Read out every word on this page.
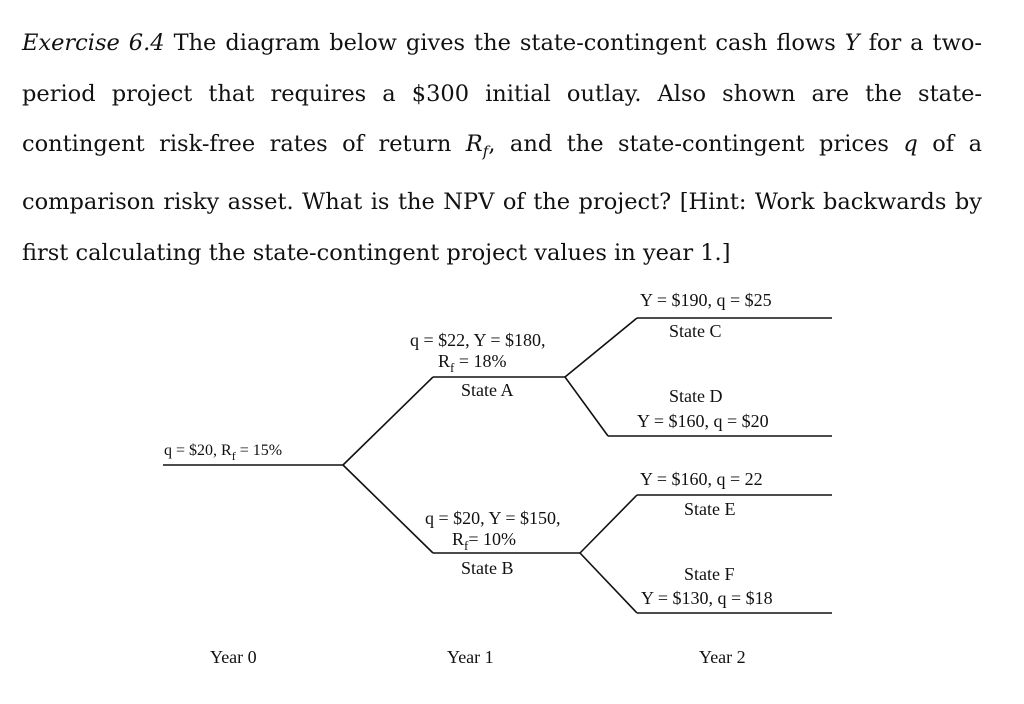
Exercise 6.4 The diagram below gives the state-contingent cash flows Y for a two-period project that requires a $300 initial outlay. Also shown are the state-contingent risk-free rates of return $R_f$, and the state-contingent prices q of a comparison risky asset. What is the NPV of the project? [Hint: Work backwards by first calculating the state-contingent project values in year 1.]
q = $20, $R_f = 15\%$
q = $22, Y = $180,
$R_f = 18\%$
State A
q = $20, Y = $150,
$R_f= 10\%$
State B
Y = $190, q = $25
State C
State D
Y = $160, q = $20
Y = $160, q = 22
State E
State F
Y = $130, q = $18
Year 0	Year 1	Year 2
